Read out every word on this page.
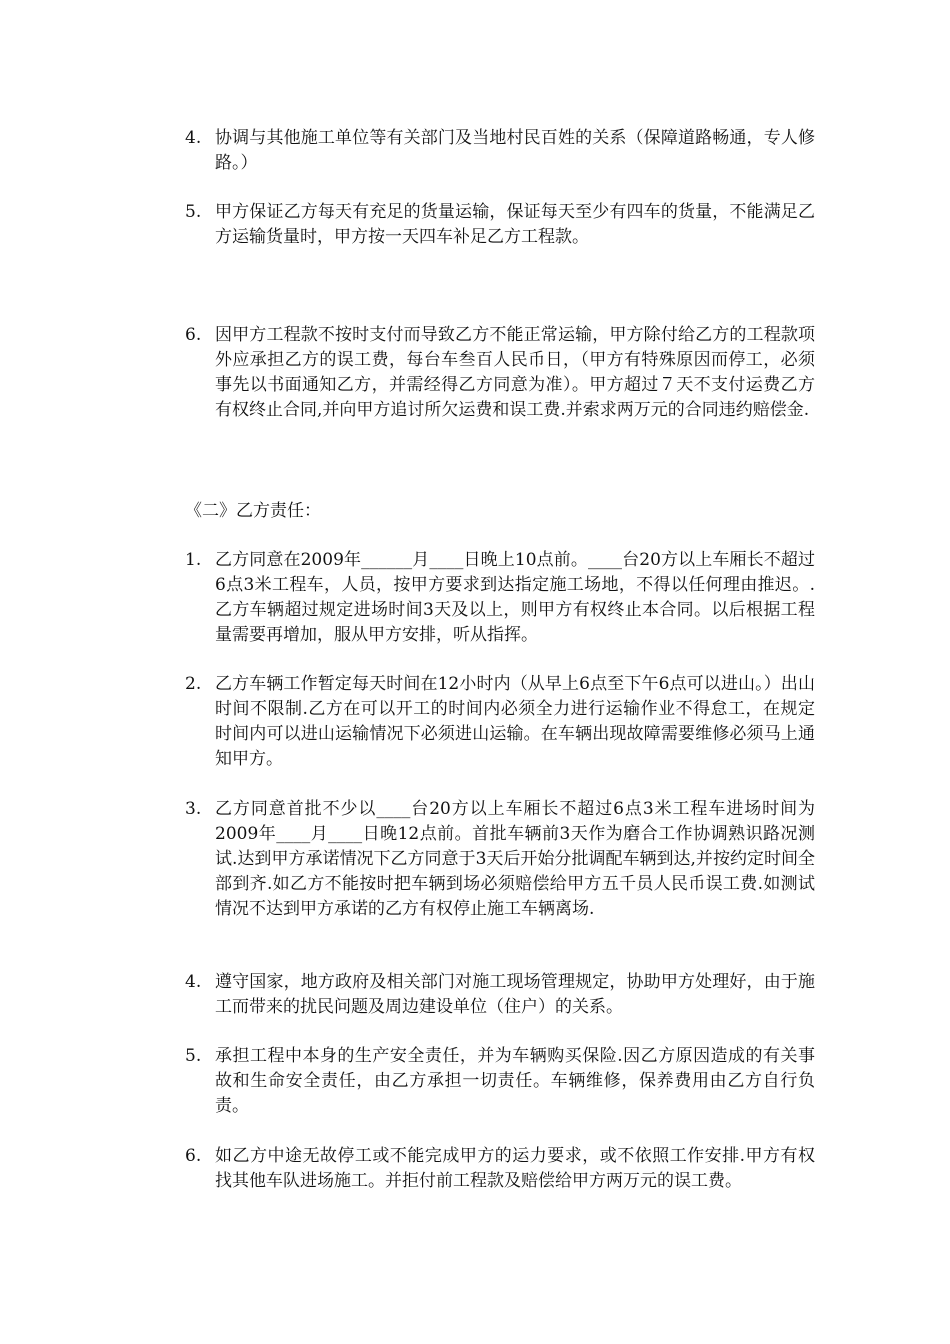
4. 协调与其他施工单位等有关部门及当地村民百姓的关系（保障道路畅通，专人修路。）
5. 甲方保证乙方每天有充足的货量运输，保证每天至少有四车的货量，不能满足乙方运输货量时，甲方按一天四车补足乙方工程款。
6. 因甲方工程款不按时支付而导致乙方不能正常运输，甲方除付给乙方的工程款项外应承担乙方的误工费，每台车叁百人民币日，（甲方有特殊原因而停工，必须事先以书面通知乙方，并需经得乙方同意为准）。甲方超过７天不支付运费乙方有权终止合同,并向甲方追讨所欠运费和误工费.并索求两万元的合同违约赔偿金.
《二》乙方责任：
1. 乙方同意在2009年______月____日晚上10点前。____台20方以上车厢长不超过6点3米工程车，人员，按甲方要求到达指定施工场地，不得以任何理由推迟。.乙方车辆超过规定进场时间3天及以上，则甲方有权终止本合同。以后根据工程量需要再增加，服从甲方安排，听从指挥。
2. 乙方车辆工作暂定每天时间在12小时内（从早上6点至下午6点可以进山。）出山时间不限制.乙方在可以开工的时间内必须全力进行运输作业不得怠工，在规定时间内可以进山运输情况下必须进山运输。在车辆出现故障需要维修必须马上通知甲方。
3. 乙方同意首批不少以____台20方以上车厢长不超过6点3米工程车进场时间为2009年____月____日晚12点前。首批车辆前3天作为磨合工作协调熟识路况测试.达到甲方承诺情况下乙方同意于3天后开始分批调配车辆到达,并按约定时间全部到齐.如乙方不能按时把车辆到场必须赔偿给甲方五千员人民币误工费.如测试情况不达到甲方承诺的乙方有权停止施工车辆离场.
4. 遵守国家，地方政府及相关部门对施工现场管理规定，协助甲方处理好，由于施工而带来的扰民问题及周边建设单位（住户）的关系。
5. 承担工程中本身的生产安全责任，并为车辆购买保险.因乙方原因造成的有关事故和生命安全责任，由乙方承担一切责任。车辆维修，保养费用由乙方自行负责。
6. 如乙方中途无故停工或不能完成甲方的运力要求，或不依照工作安排.甲方有权找其他车队进场施工。并拒付前工程款及赔偿给甲方两万元的误工费。
